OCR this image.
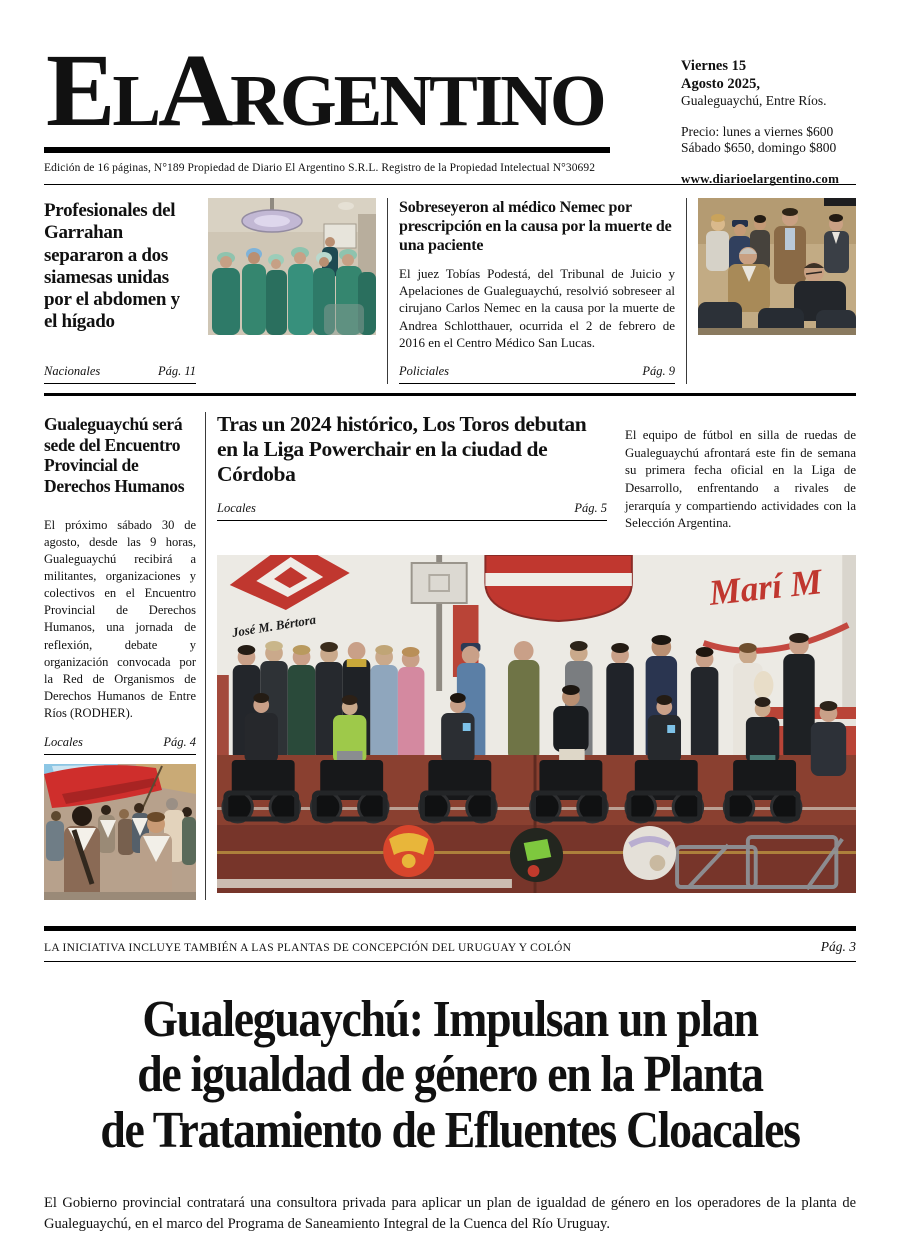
ElArgentino
Edición de 16 páginas, N°189 Propiedad de Diario El Argentino S.R.L. Registro de la Propiedad Intelectual N°30692
Viernes 15
Agosto 2025,
Gualeguaychú, Entre Ríos.
Precio: lunes a viernes $600
Sábado $650, domingo $800
www.diarioelargentino.com
Profesionales del Garrahan separaron a dos siamesas unidas por el abdomen y el hígado
Nacionales	Pág. 11
Sobreseyeron al médico Nemec por prescripción en la causa por la muerte de una paciente

El juez Tobías Podestá, del Tribunal de Juicio y Apelaciones de Gualeguaychú, resolvió sobreseer al cirujano Carlos Nemec en la causa por la muerte de Andrea Schlotthauer, ocurrida el 2 de febrero de 2016 en el Centro Médico San Lucas.

Policiales	Pág. 9
Gualeguaychú será sede del Encuentro Provincial de Derechos Humanos

El próximo sábado 30 de agosto, desde las 9 horas, Gualeguaychú recibirá a militantes, organizaciones y colectivos en el Encuentro Provincial de Derechos Humanos, una jornada de reflexión, debate y organización convocada por la Red de Organismos de Derechos Humanos de Entre Ríos (RODHER).

Locales	Pág. 4
Tras un 2024 histórico, Los Toros debutan en la Liga Powerchair en la ciudad de Córdoba
Locales	Pág. 5

El equipo de fútbol en silla de ruedas de Gualeguaychú afrontará este fin de semana su primera fecha oficial en la Liga de Desarrollo, enfrentando a rivales de jerarquía y compartiendo actividades con la Selección Argentina.

José M. Bértora
Marí M
LA INICIATIVA INCLUYE TAMBIÉN A LAS PLANTAS DE CONCEPCIÓN DEL URUGUAY Y COLÓN	Pág. 3
Gualeguaychú: Impulsan un plan
de igualdad de género en la Planta
de Tratamiento de Efluentes Cloacales

El Gobierno provincial contratará una consultora privada para aplicar un plan de igualdad de género en los operadores de la planta de Gualeguaychú, en el marco del Programa de Saneamiento Integral de la Cuenca del Río Uruguay.
